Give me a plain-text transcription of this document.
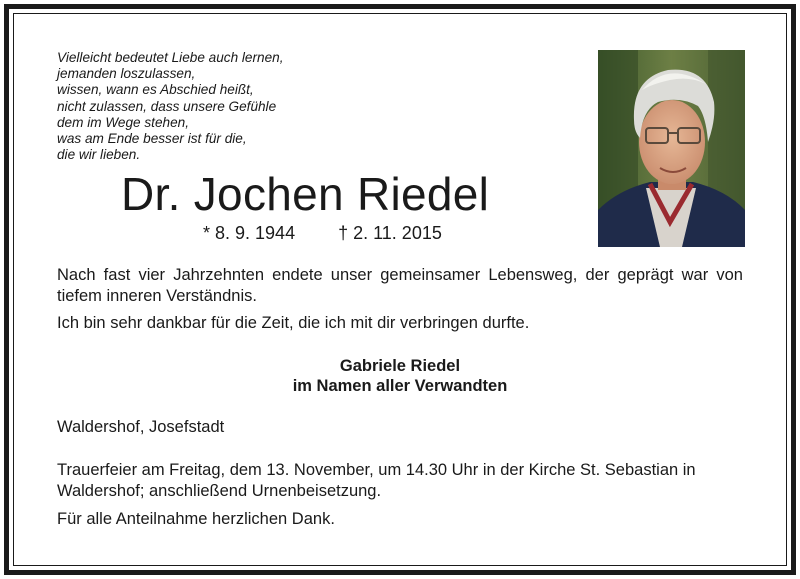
Vielleicht bedeutet Liebe auch lernen,
jemanden loszulassen,
wissen, wann es Abschied heißt,
nicht zulassen, dass unsere Gefühle
dem im Wege stehen,
was am Ende besser ist für die,
die wir lieben.
Dr. Jochen Riedel
* 8. 9. 1944 † 2. 11. 2015

Nach fast vier Jahrzehnten endete unser gemeinsamer Lebensweg, der geprägt war von tiefem inneren Verständnis.

Ich bin sehr dankbar für die Zeit, die ich mit dir verbringen durfte.

Gabriele Riedel
im Namen aller Verwandten

Waldershof, Josefstadt

Trauerfeier am Freitag, dem 13. November, um 14.30 Uhr in der Kirche St. Sebastian in Waldershof; anschließend Urnenbeisetzung.

Für alle Anteilnahme herzlichen Dank.
